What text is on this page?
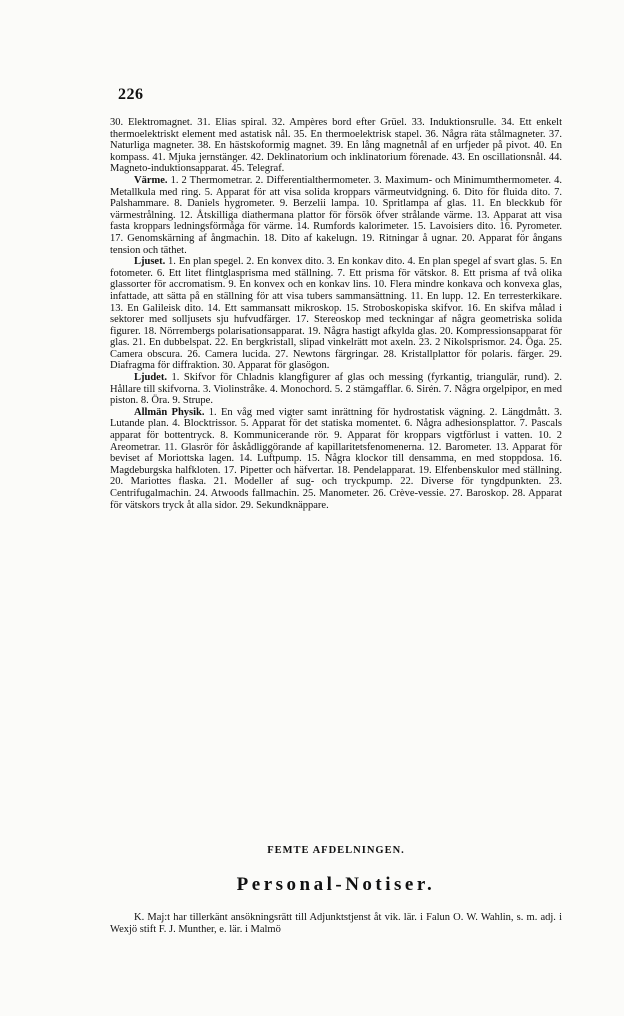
226

30. Elektromagnet. 31. Elias spiral. 32. Ampères bord efter Grüel. 33. Induktionsrulle. 34. Ett enkelt thermoelektriskt element med astatisk nål. 35. En thermoelektrisk stapel. 36. Några räta stålmagneter. 37. Naturliga magneter. 38. En hästskoformig magnet. 39. En lång magnetnål af en urfjeder på pivot. 40. En kompass. 41. Mjuka jernstänger. 42. Deklinatorium och inklinatorium förenade. 43. En oscillationsnål. 44. Magneto-induktionsapparat. 45. Telegraf.

Värme. 1. 2 Thermometrar. 2. Differentialthermometer. 3. Maximum- och Minimumthermometer. 4. Metallkula med ring. 5. Apparat för att visa solida kroppars värmeutvidgning. 6. Dito för fluida dito. 7. Palshammare. 8. Daniels hygrometer. 9. Berzelii lampa. 10. Spritlampa af glas. 11. En bleckkub för värmestrålning. 12. Åtskilliga diathermana plattor för försök öfver strålande värme. 13. Apparat att visa fasta kroppars ledningsförmåga för värme. 14. Rumfords kalorimeter. 15. Lavoisiers dito. 16. Pyrometer. 17. Genomskärning af ångmachin. 18. Dito af kakelugn. 19. Ritningar å ugnar. 20. Apparat för ångans tension och täthet.

Ljuset. 1. En plan spegel. 2. En konvex dito. 3. En konkav dito. 4. En plan spegel af svart glas. 5. En fotometer. 6. Ett litet flintglasprisma med ställning. 7. Ett prisma för vätskor. 8. Ett prisma af två olika glassorter för accromatism. 9. En konvex och en konkav lins. 10. Flera mindre konkava och konvexa glas, infattade, att sätta på en ställning för att visa tubers sammansättning. 11. En lupp. 12. En terresterkikare. 13. En Galileisk dito. 14. Ett sammansatt mikroskop. 15. Stroboskopiska skifvor. 16. En skifva målad i sektorer med solljusets sju hufvudfärger. 17. Stereoskop med teckningar af några geometriska solida figurer. 18. Nörrembergs polarisationsapparat. 19. Några hastigt afkylda glas. 20. Kompressionsapparat för glas. 21. En dubbelspat. 22. En bergkristall, slipad vinkelrätt mot axeln. 23. 2 Nikolsprismor. 24. Öga. 25. Camera obscura. 26. Camera lucida. 27. Newtons färgringar. 28. Kristallplattor för polaris. färger. 29. Diafragma för diffraktion. 30. Apparat för glasögon.

Ljudet. 1. Skifvor för Chladnis klangfigurer af glas och messing (fyrkantig, triangulär, rund). 2. Hållare till skifvorna. 3. Violinstråke. 4. Monochord. 5. 2 stämgafflar. 6. Sirén. 7. Några orgelpipor, en med piston. 8. Öra. 9. Strupe.

Allmän Physik. 1. En våg med vigter samt inrättning för hydrostatisk vägning. 2. Längdmått. 3. Lutande plan. 4. Blocktrissor. 5. Apparat för det statiska momentet. 6. Några adhesionsplattor. 7. Pascals apparat för bottentryck. 8. Kommunicerande rör. 9. Apparat för kroppars vigtförlust i vatten. 10. 2 Areometrar. 11. Glasrör för åskådliggörande af kapillaritetsfenomenerna. 12. Barometer. 13. Apparat för beviset af Moriottska lagen. 14. Luftpump. 15. Några klockor till densamma, en med stoppdosa. 16. Magdeburgska halfkloten. 17. Pipetter och häfvertar. 18. Pendelapparat. 19. Elfenbenskulor med ställning. 20. Mariottes flaska. 21. Modeller af sug- och tryckpump. 22. Diverse för tyngdpunkten. 23. Centrifugalmachin. 24. Atwoods fallmachin. 25. Manometer. 26. Crève-vessie. 27. Baroskop. 28. Apparat för vätskors tryck åt alla sidor. 29. Sekundknäppare.

FEMTE AFDELNINGEN.
Personal-Notiser.

K. Maj:t har tillerkänt ansökningsrätt till Adjunktstjenst åt vik. lär. i Falun O. W. Wahlin, s. m. adj. i Wexjö stift F. J. Munther, e. lär. i Malmö
